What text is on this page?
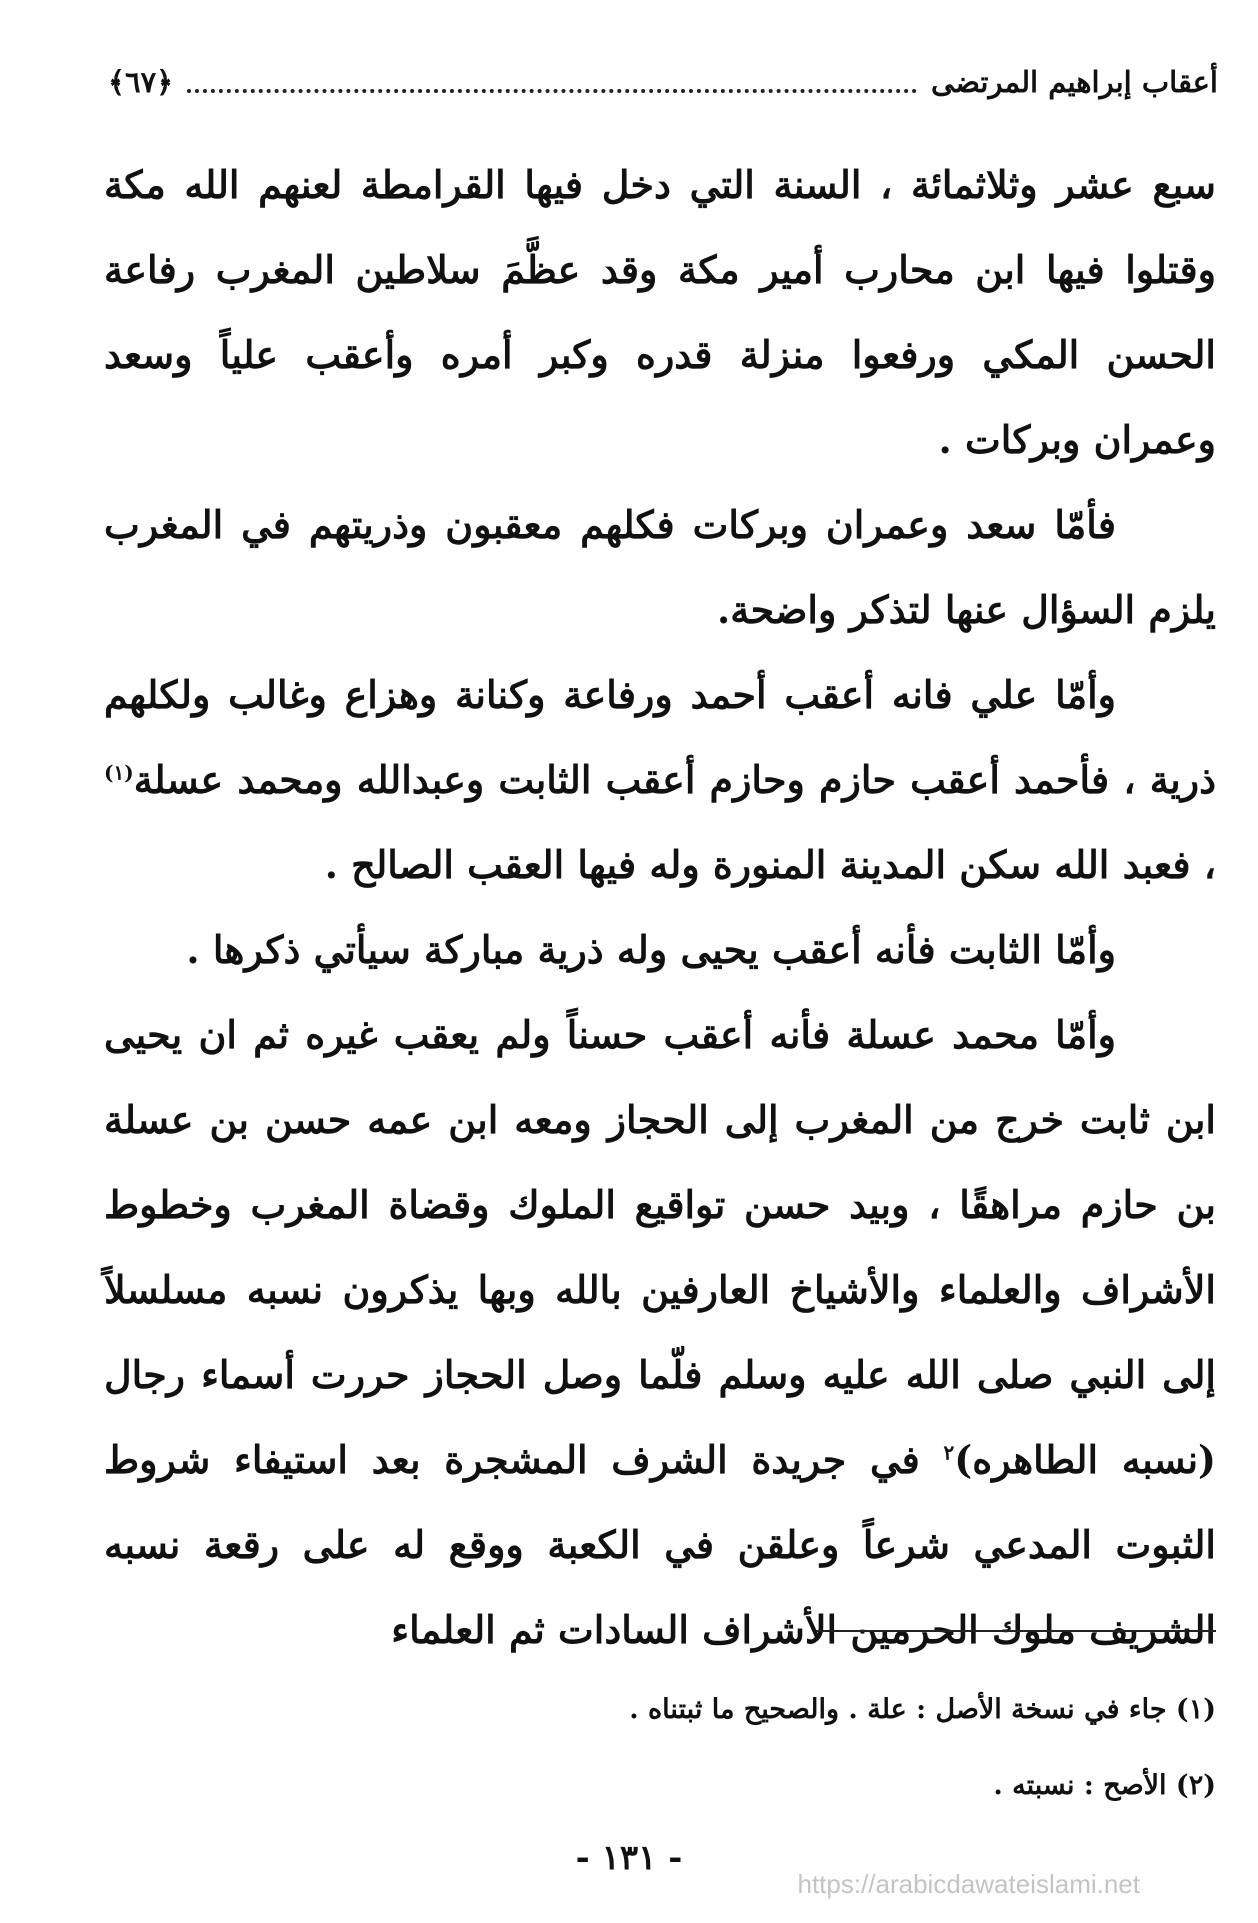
أعقاب إبراهيم المرتضى
﴿٦٧﴾

سبع عشر وثلاثمائة ، السنة التي دخل فيها القرامطة لعنهم الله مكة وقتلوا فيها ابن محارب أمير مكة وقد عظَّمَ سلاطين المغرب رفاعة الحسن المكي ورفعوا منزلة قدره وكبر أمره وأعقب علياً وسعد وعمران وبركات .

فأمّا سعد وعمران وبركات فكلهم معقبون وذريتهم في المغرب يلزم السؤال عنها لتذكر واضحة.

وأمّا علي فانه أعقب أحمد ورفاعة وكنانة وهزاع وغالب ولكلهم ذرية ، فأحمد أعقب حازم وحازم أعقب الثابت وعبدالله ومحمد عسلة$^{(١)}$ ، فعبد الله سكن المدينة المنورة وله فيها العقب الصالح .

وأمّا الثابت فأنه أعقب يحيى وله ذرية مباركة سيأتي ذكرها .

وأمّا محمد عسلة فأنه أعقب حسناً ولم يعقب غيره ثم ان يحيى ابن ثابت خرج من المغرب إلى الحجاز ومعه ابن عمه حسن بن عسلة بن حازم مراهقًا ، وبيد حسن تواقيع الملوك وقضاة المغرب وخطوط الأشراف والعلماء والأشياخ العارفين بالله وبها يذكرون نسبه مسلسلاً إلى النبي صلى الله عليه وسلم فلّما وصل الحجاز حررت أسماء رجال (نسبه الطاهره)$^٢$ في جريدة الشرف المشجرة بعد استيفاء شروط الثبوت المدعي شرعاً وعلقن في الكعبة ووقع له على رقعة نسبه الشريف ملوك الحرمين الأشراف السادات ثم العلماء

(١) جاء في نسخة الأصل : علة . والصحيح ما ثبتناه .

(٢) الأصح : نسبته .

- ١٣١ -
https://arabicdawateislami.net
